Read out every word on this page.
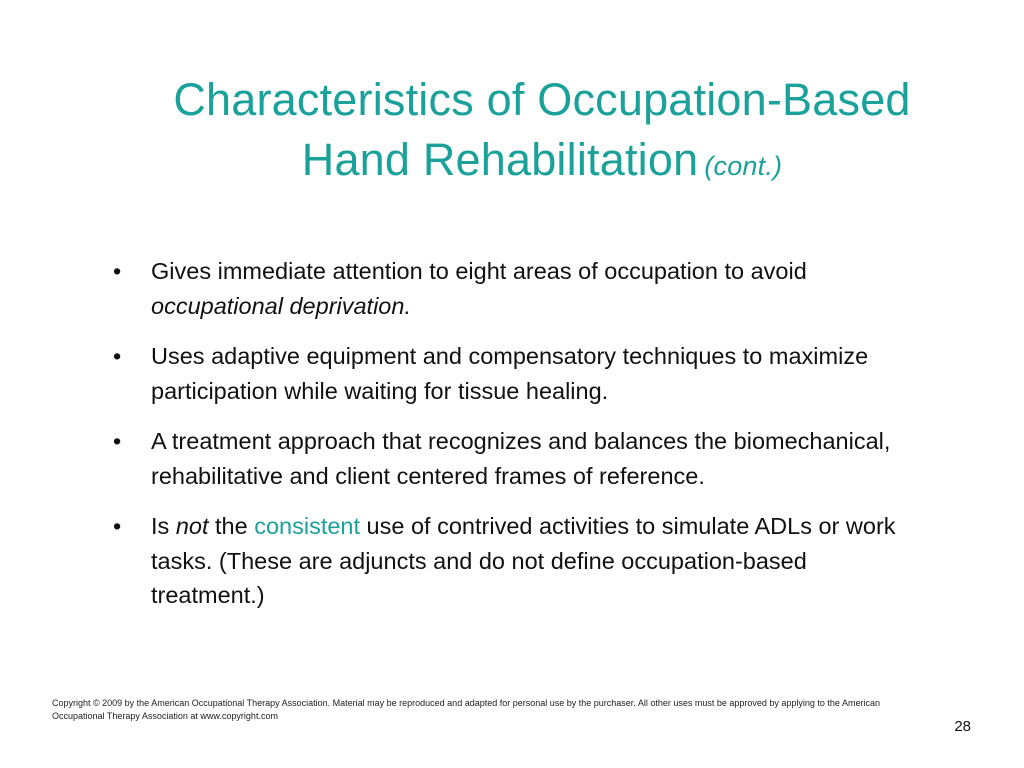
Characteristics of Occupation-Based
Hand Rehabilitation (cont.)
• Gives immediate attention to eight areas of occupation to avoid occupational deprivation.
• Uses adaptive equipment and compensatory techniques to maximize participation while waiting for tissue healing.
• A treatment approach that recognizes and balances the biomechanical, rehabilitative and client centered frames of reference.
• Is not the consistent use of contrived activities to simulate ADLs or work tasks. (These are adjuncts and do not define occupation-based treatment.)
Copyright © 2009 by the American Occupational Therapy Association. Material may be reproduced and adapted for personal use by the purchaser. All other uses must be approved by applying to the American Occupational Therapy Association at www.copyright.com
28
